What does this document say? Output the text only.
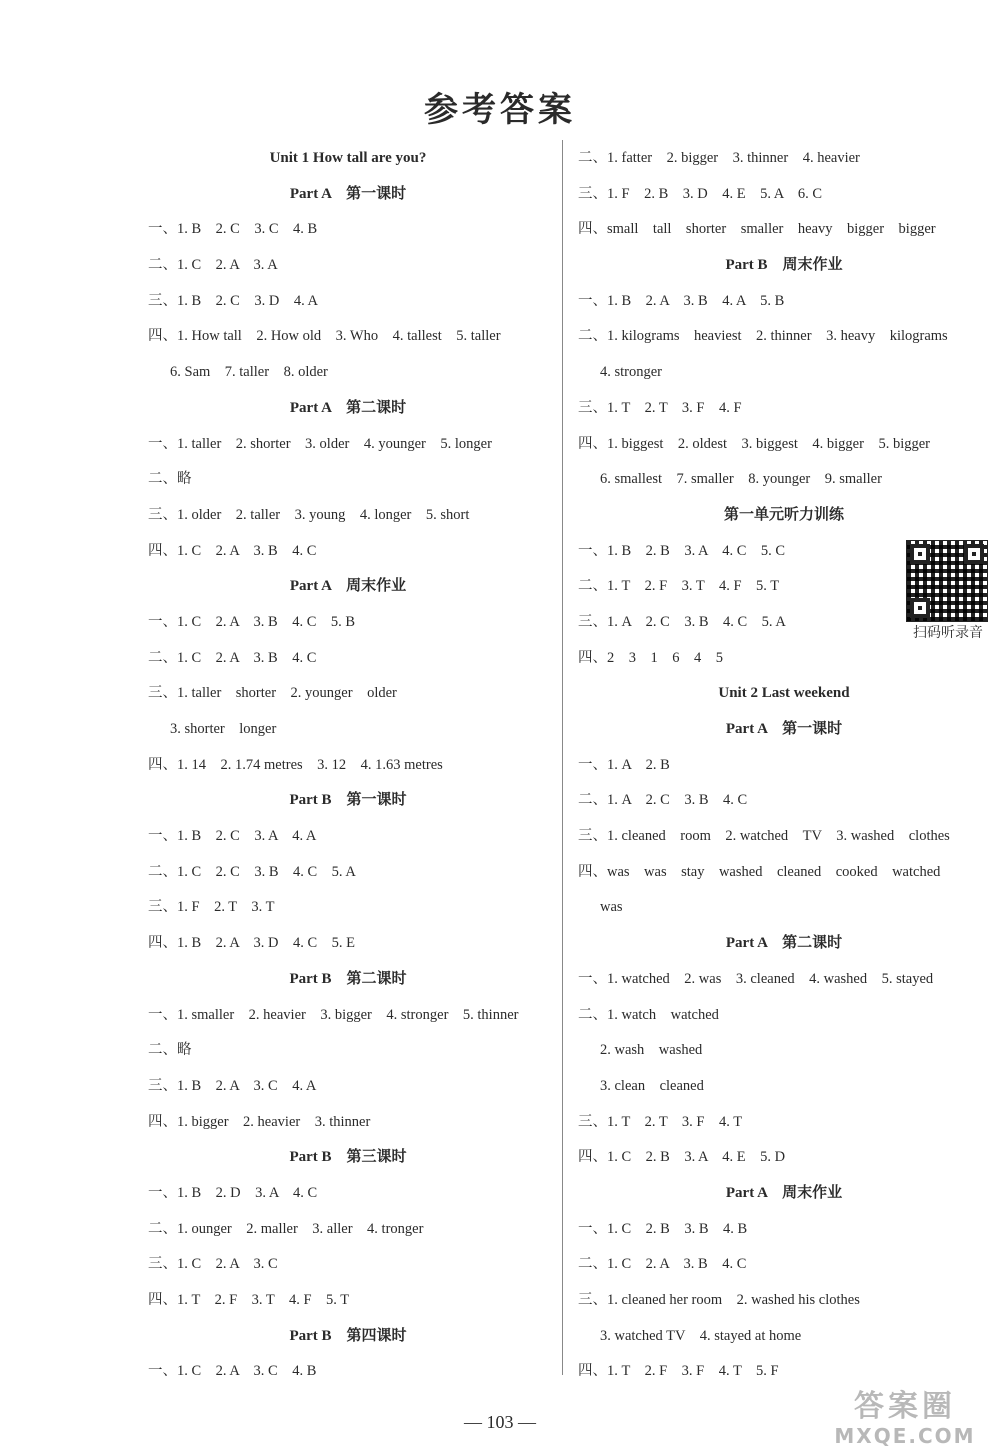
参考答案
Unit 1 How tall are you?
Part A　第一课时
一、1. B　2. C　3. C　4. B
二、1. C　2. A　3. A
三、1. B　2. C　3. D　4. A
四、1. How tall　2. How old　3. Who　4. tallest　5. taller
6. Sam　7. taller　8. older
Part A　第二课时
一、1. taller　2. shorter　3. older　4. younger　5. longer
二、略
三、1. older　2. taller　3. young　4. longer　5. short
四、1. C　2. A　3. B　4. C
Part A　周末作业
一、1. C　2. A　3. B　4. C　5. B
二、1. C　2. A　3. B　4. C
三、1. taller　shorter　2. younger　older
3. shorter　longer
四、1. 14　2. 1.74 metres　3. 12　4. 1.63 metres
Part B　第一课时
一、1. B　2. C　3. A　4. A
二、1. C　2. C　3. B　4. C　5. A
三、1. F　2. T　3. T
四、1. B　2. A　3. D　4. C　5. E
Part B　第二课时
一、1. smaller　2. heavier　3. bigger　4. stronger　5. thinner
二、略
三、1. B　2. A　3. C　4. A
四、1. bigger　2. heavier　3. thinner
Part B　第三课时
一、1. B　2. D　3. A　4. C
二、1. ounger　2. maller　3. aller　4. tronger
三、1. C　2. A　3. C
四、1. T　2. F　3. T　4. F　5. T
Part B　第四课时
一、1. C　2. A　3. C　4. B
二、1. fatter　2. bigger　3. thinner　4. heavier
三、1. F　2. B　3. D　4. E　5. A　6. C
四、small　tall　shorter　smaller　heavy　bigger　bigger
Part B　周末作业
一、1. B　2. A　3. B　4. A　5. B
二、1. kilograms　heaviest　2. thinner　3. heavy　kilograms
4. stronger
三、1. T　2. T　3. F　4. F
四、1. biggest　2. oldest　3. biggest　4. bigger　5. bigger
6. smallest　7. smaller　8. younger　9. smaller
第一单元听力训练
一、1. B　2. B　3. A　4. C　5. C
二、1. T　2. F　3. T　4. F　5. T
三、1. A　2. C　3. B　4. C　5. A
四、2　3　1　6　4　5
Unit 2 Last weekend
Part A　第一课时
一、1. A　2. B
二、1. A　2. C　3. B　4. C
三、1. cleaned　room　2. watched　TV　3. washed　clothes
四、was　was　stay　washed　cleaned　cooked　watched
was
Part A　第二课时
一、1. watched　2. was　3. cleaned　4. washed　5. stayed
二、1. watch　watched
2. wash　washed
3. clean　cleaned
三、1. T　2. T　3. F　4. T
四、1. C　2. B　3. A　4. E　5. D
Part A　周末作业
一、1. C　2. B　3. B　4. B
二、1. C　2. A　3. B　4. C
三、1. cleaned her room　2. washed his clothes
3. watched TV　4. stayed at home
四、1. T　2. F　3. F　4. T　5. F
扫码听录音
— 103 —	答案圈
MXQE.COM
